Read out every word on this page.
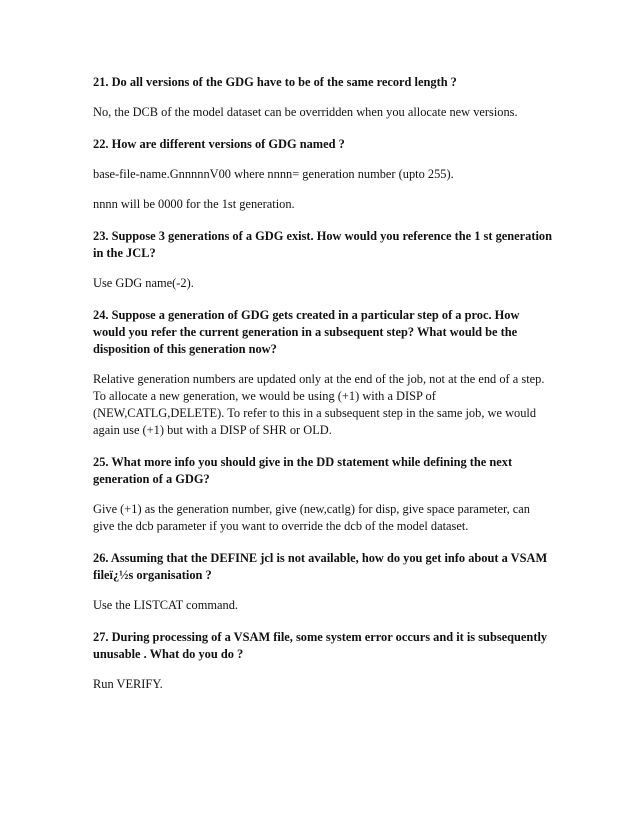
21. Do all versions of the GDG have to be of the same record length ?

No, the DCB of the model dataset can be overridden when you allocate new versions.

22. How are different versions of GDG named ?

base-file-name.GnnnnnV00 where nnnn= generation number (upto 255).

nnnn will be 0000 for the 1st generation.

23. Suppose 3 generations of a GDG exist. How would you reference the 1 st generation in the JCL?

Use GDG name(-2).

24. Suppose a generation of GDG gets created in a particular step of a proc. How would you refer the current generation in a subsequent step? What would be the disposition of this generation now?

Relative generation numbers are updated only at the end of the job, not at the end of a step. To allocate a new generation, we would be using (+1) with a DISP of (NEW,CATLG,DELETE). To refer to this in a subsequent step in the same job, we would again use (+1) but with a DISP of SHR or OLD.

25. What more info you should give in the DD statement while defining the next generation of a GDG?

Give (+1) as the generation number, give (new,catlg) for disp, give space parameter, can give the dcb parameter if you want to override the dcb of the model dataset.

26. Assuming that the DEFINE jcl is not available, how do you get info about a VSAM fileï¿½s organisation ?

Use the LISTCAT command.

27. During processing of a VSAM file, some system error occurs and it is subsequently unusable . What do you do ?

Run VERIFY.
